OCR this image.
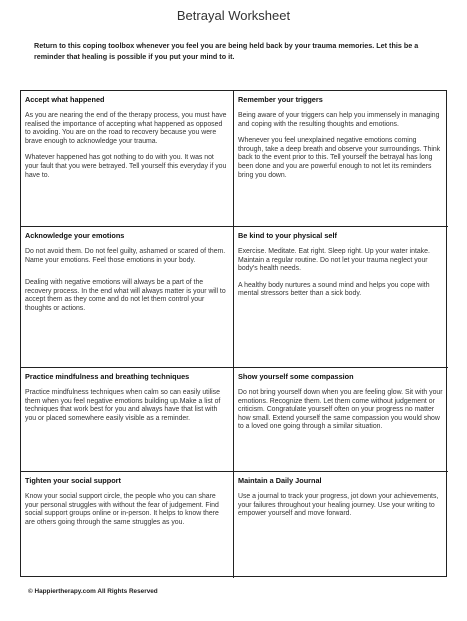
Betrayal Worksheet
Return to this coping toolbox whenever you feel you are being held back by your trauma memories. Let this be a reminder that healing is possible if you put your mind to it.
Accept what happened

As you are nearing the end of the therapy process, you must have realised the importance of accepting what happened as opposed to avoiding. You are on the road to recovery because you were brave enough to acknowledge your trauma.

Whatever happened has got nothing to do with you. It was not your fault that you were betrayed. Tell yourself this everyday if you have to.

Remember your triggers

Being aware of your triggers can help you immensely in managing and coping with the resulting thoughts and emotions.

Whenever you feel unexplained negative emotions coming through, take a deep breath and observe your surroundings. Think back to the event prior to this. Tell yourself the betrayal has long been done and you are powerful enough to not let its reminders bring you down.

Acknowledge your emotions

Do not avoid them. Do not feel guilty, ashamed or scared of them. Name your emotions. Feel those emotions in your body.

Dealing with negative emotions will always be a part of the recovery process. In the end what will always matter is your will to accept them as they come and do not let them control your thoughts or actions.

Be kind to your physical self

Exercise. Meditate. Eat right. Sleep right. Up your water intake. Maintain a regular routine. Do not let your trauma neglect your body's health needs.

A healthy body nurtures a sound mind and helps you cope with mental stressors better than a sick body.

Practice mindfulness and breathing techniques

Practice mindfulness techniques when calm so can easily utilise them when you feel negative emotions building up.Make a list of techniques that work best for you and always have that list with you or placed somewhere easily visible as a reminder.

Show yourself some compassion

Do not bring yourself down when you are feeling glow. Sit with your emotions. Recognize them. Let them come without judgement or criticism. Congratulate yourself often on your progress no matter how small. Extend yourself the same compassion you would show to a loved one going through a similar situation.

Tighten your social support

Know your social support circle, the people who you can share your personal struggles with without the fear of judgement. Find social support groups online or in-person. It helps to know there are others going through the same struggles as you.

Maintain a Daily Journal

Use a journal to track your progress, jot down your achievements, your failures throughout your healing journey. Use your writing to empower yourself and move forward.

© Happiertherapy.com All Rights Reserved
